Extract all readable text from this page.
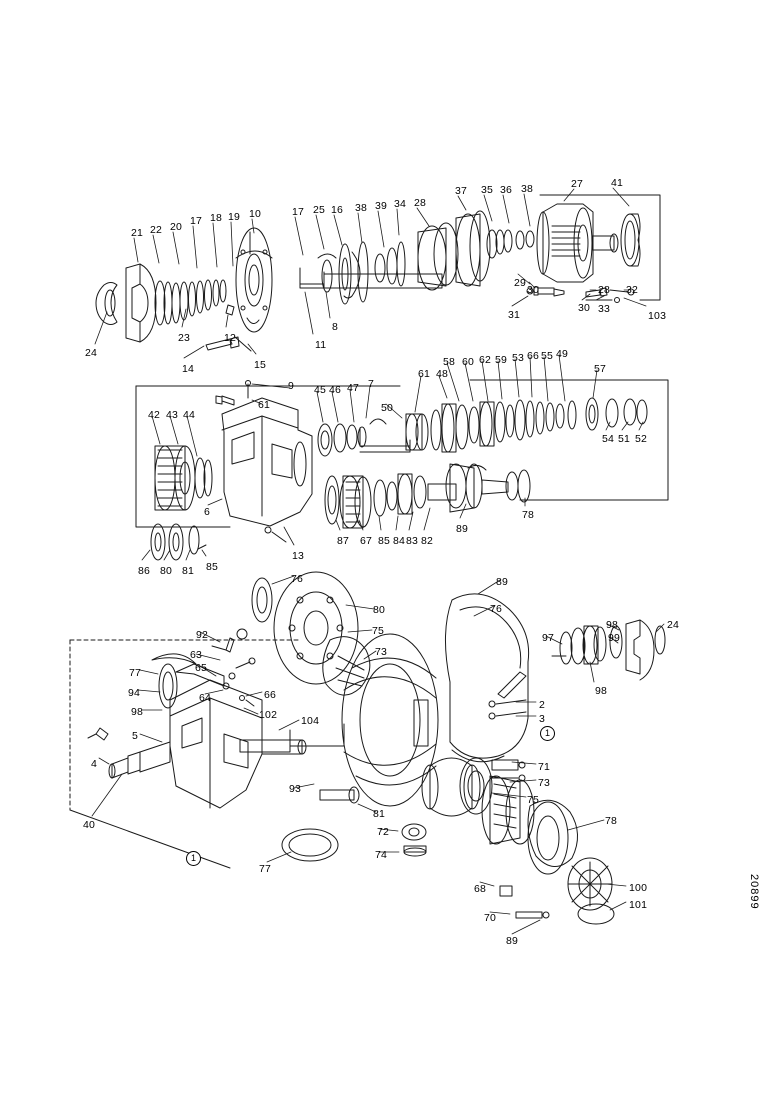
21 22 20 17 18 19 10	17 25 16 38 39 34 28
37 35 36 38	27	41
24
23	12
14	15
8
11
29
28 32
30
30
31	33
103
42 43 44
61
9 45 46 47 7
50
61 48
58 60 62 59 53 66 55 49
57
54 51 52
6
13
87 67 85 84 83 82
89
78
86 80 81 85
76
80
75
73
92
63
65
77
94	64	66
98	102 104
5
4
40
93
81
72
74
77
89
76
97
98
99
24
98
2
3
71
73
75
78
68
70
89
100
101
1
1
20899
